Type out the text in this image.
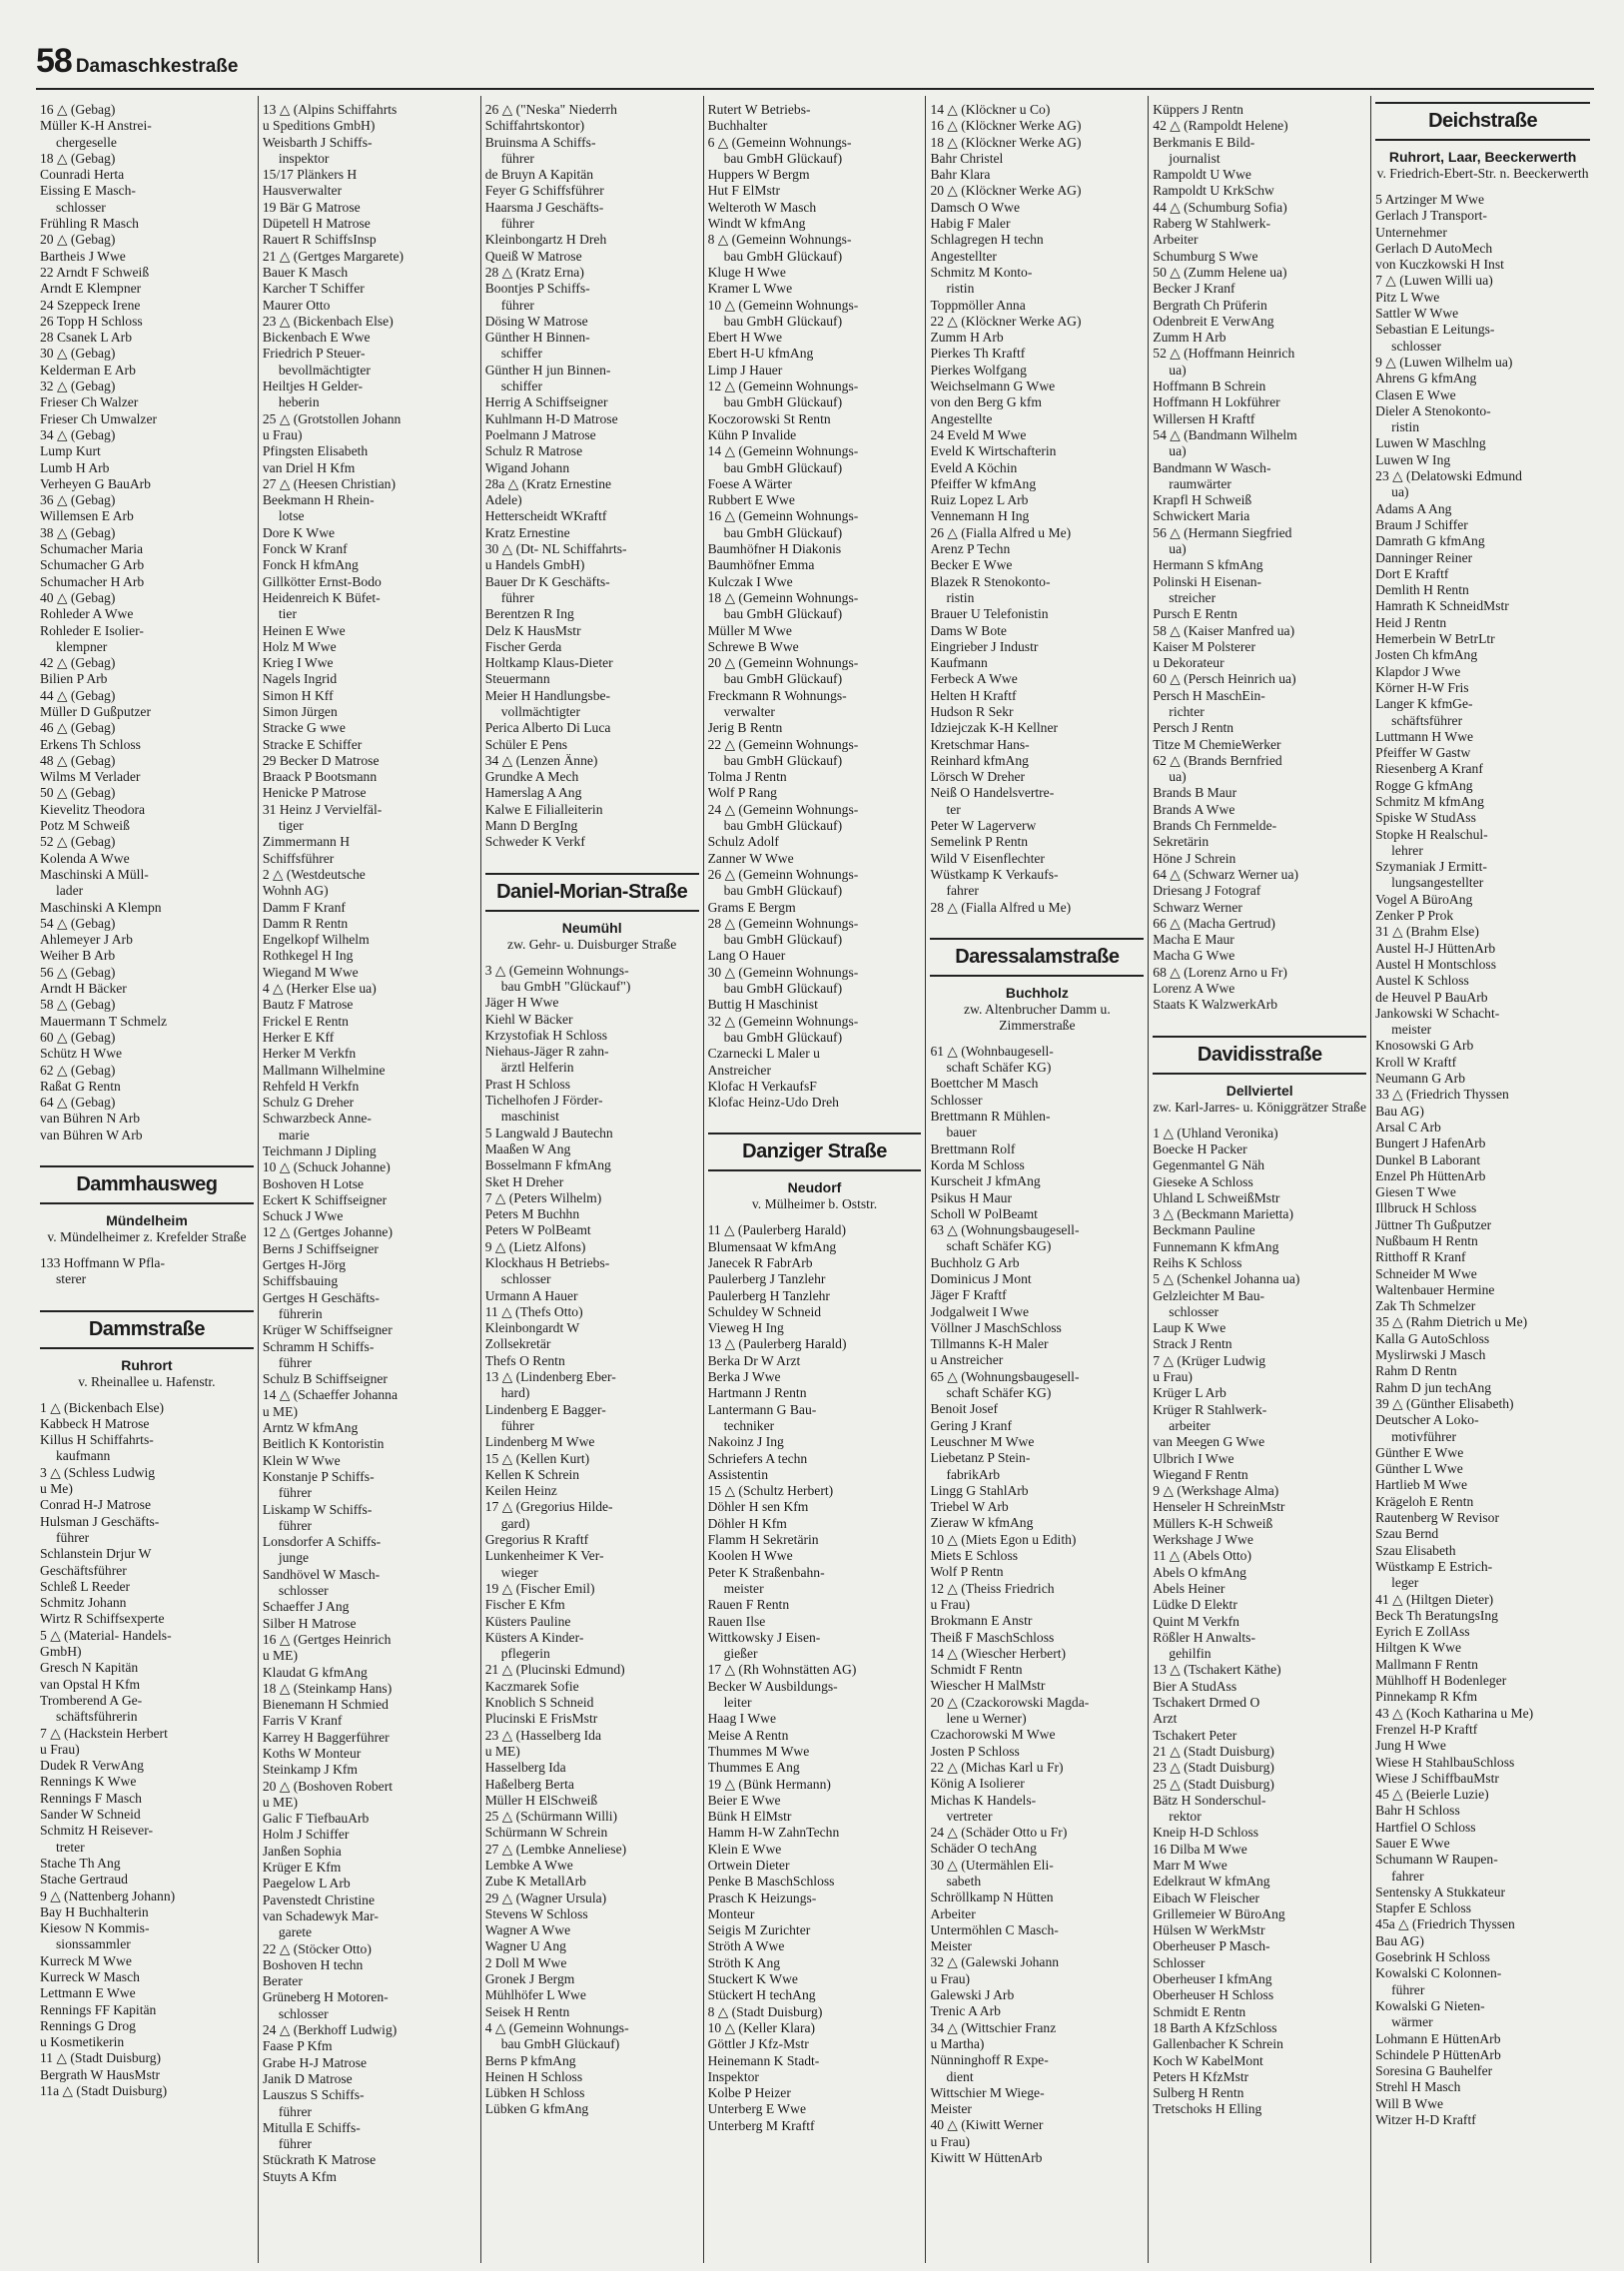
58 Damaschkestraße
16 △ (Gebag)
Müller K-H Anstrei-
chergeselle
18 △ (Gebag)
Counradi Herta
Eissing E Masch-
schlosser
Frühling R Masch
20 △ (Gebag)
Bartheis J Wwe
22 Arndt F Schweiß
Arndt E Klempner
24 Szeppeck Irene
26 Topp H Schloss
28 Csanek L Arb
30 △ (Gebag)
Kelderman E Arb
32 △ (Gebag)
Frieser Ch Walzer
Frieser Ch Umwalzer
34 △ (Gebag)
Lump Kurt
Lumb H Arb
Verheyen G BauArb
36 △ (Gebag)
Willemsen E Arb
38 △ (Gebag)
Schumacher Maria
Schumacher G Arb
Schumacher H Arb
40 △ (Gebag)
Rohleder A Wwe
Rohleder E Isolier-
klempner
42 △ (Gebag)
Bilien P Arb
44 △ (Gebag)
Müller D Gußputzer
46 △ (Gebag)
Erkens Th Schloss
48 △ (Gebag)
Wilms M Verlader
50 △ (Gebag)
Kievelitz Theodora
Potz M Schweiß
52 △ (Gebag)
Kolenda A Wwe
Maschinski A Müll-
lader
Maschinski A Klempn
54 △ (Gebag)
Ahlemeyer J Arb
Weiher B Arb
56 △ (Gebag)
Arndt H Bäcker
58 △ (Gebag)
Mauermann T Schmelz
60 △ (Gebag)
Schütz H Wwe
62 △ (Gebag)
Raßat G Rentn
64 △ (Gebag)
van Bühren N Arb
van Bühren W Arb
Dammhausweg
Mündelheim
v. Mündelheimer z. Krefelder Straße
133 Hoffmann W Pfla-
sterer
Dammstraße
Ruhrort
v. Rheinallee u. Hafenstr.
1 △ (Bickenbach Else)
Kabbeck H Matrose
Killus H Schiffahrts-
kaufmann
3 △ (Schless Ludwig
u Me)
Conrad H-J Matrose
Hulsman J Geschäfts-
führer
Schlanstein Drjur W
Geschäftsführer
Schleß L Reeder
Schmitz Johann
Wirtz R Schiffsexperte
5 △ (Material- Handels-
GmbH)
Gresch N Kapitän
van Opstal H Kfm
Tromberend A Ge-
schäftsführerin
7 △ (Hackstein Herbert
u Frau)
Dudek R VerwAng
Rennings K Wwe
Rennings F Masch
Sander W Schneid
Schmitz H Reisever-
treter
Stache Th Ang
Stache Gertraud
9 △ (Nattenberg Johann)
Bay H Buchhalterin
Kiesow N Kommis-
sionssammler
Kurreck M Wwe
Kurreck W Masch
Lettmann E Wwe
Rennings FF Kapitän
Rennings G Drog
u Kosmetikerin
11 △ (Stadt Duisburg)
Bergrath W HausMstr
11a △ (Stadt Duisburg)
13 △ (Alpins Schiffahrts
u Speditions GmbH)
Weisbarth J Schiffs-
inspektor
15/17 Plänkers H
Hausverwalter
19 Bär G Matrose
Düpetell H Matrose
Rauert R SchiffsInsp
21 △ (Gertges Margarete)
Bauer K Masch
Karcher T Schiffer
Maurer Otto
23 △ (Bickenbach Else)
Bickenbach E Wwe
Friedrich P Steuer-
bevollmächtigter
Heiltjes H Gelder-
heberin
25 △ (Grotstollen Johann
u Frau)
Pfingsten Elisabeth
van Driel H Kfm
27 △ (Heesen Christian)
Beekmann H Rhein-
lotse
Dore K Wwe
Fonck W Kranf
Fonck H kfmAng
Gillkötter Ernst-Bodo
Heidenreich K Büfet-
tier
Heinen E Wwe
Holz M Wwe
Krieg I Wwe
Nagels Ingrid
Simon H Kff
Simon Jürgen
Stracke G wwe
Stracke E Schiffer
29 Becker D Matrose
Braack P Bootsmann
Henicke P Matrose
31 Heinz J Vervielfäl-
tiger
Zimmermann H
Schiffsführer
2 △ (Westdeutsche
Wohnh AG)
Damm F Kranf
Damm R Rentn
Engelkopf Wilhelm
Rothkegel H Ing
Wiegand M Wwe
4 △ (Herker Else ua)
Bautz F Matrose
Frickel E Rentn
Herker E Kff
Herker M Verkfn
Mallmann Wilhelmine
Rehfeld H Verkfn
Schulz G Dreher
Schwarzbeck Anne-
marie
Teichmann J Dipling
10 △ (Schuck Johanne)
Boshoven H Lotse
Eckert K Schiffseigner
Schuck J Wwe
12 △ (Gertges Johanne)
Berns J Schiffseigner
Gertges H-Jörg
Schiffsbauing
Gertges H Geschäfts-
führerin
Krüger W Schiffseigner
Schramm H Schiffs-
führer
Schulz B Schiffseigner
14 △ (Schaeffer Johanna
u ME)
Arntz W kfmAng
Beitlich K Kontoristin
Klein W Wwe
Konstanje P Schiffs-
führer
Liskamp W Schiffs-
führer
Lonsdorfer A Schiffs-
junge
Sandhövel W Masch-
schlosser
Schaeffer J Ang
Silber H Matrose
16 △ (Gertges Heinrich
u ME)
Klaudat G kfmAng
18 △ (Steinkamp Hans)
Bienemann H Schmied
Farris V Kranf
Karrey H Baggerführer
Koths W Monteur
Steinkamp J Kfm
20 △ (Boshoven Robert
u ME)
Galic F TiefbauArb
Holm J Schiffer
Janßen Sophia
Krüger E Kfm
Paegelow L Arb
Pavenstedt Christine
van Schadewyk Mar-
garete
22 △ (Stöcker Otto)
Boshoven H techn
Berater
Grüneberg H Motoren-
schlosser
24 △ (Berkhoff Ludwig)
Faase P Kfm
Grabe H-J Matrose
Janik D Matrose
Lauszus S Schiffs-
führer
Mitulla E Schiffs-
führer
Stückrath K Matrose
Stuyts A Kfm
26 △ ("Neska" Niederrh
Schiffahrtskontor)
Bruinsma A Schiffs-
führer
de Bruyn A Kapitän
Feyer G Schiffsführer
Haarsma J Geschäfts-
führer
Kleinbongartz H Dreh
Queiß W Matrose
28 △ (Kratz Erna)
Boontjes P Schiffs-
führer
Dösing W Matrose
Günther H Binnen-
schiffer
Günther H jun Binnen-
schiffer
Herrig A Schiffseigner
Kuhlmann H-D Matrose
Poelmann J Matrose
Schulz R Matrose
Wigand Johann
28a △ (Kratz Ernestine
Adele)
Hetterscheidt WKraftf
Kratz Ernestine
30 △ (Dt- NL Schiffahrts-
u Handels GmbH)
Bauer Dr K Geschäfts-
führer
Berentzen R Ing
Delz K HausMstr
Fischer Gerda
Holtkamp Klaus-Dieter
Steuermann
Meier H Handlungsbe-
vollmächtigter
Perica Alberto Di Luca
Schüler E Pens
34 △ (Lenzen Änne)
Grundke A Mech
Hamerslag A Ang
Kalwe E Filialleiterin
Mann D BergIng
Schweder K Verkf
Daniel-Morian-Straße
Neumühl
zw. Gehr- u. Duisburger Straße
3 △ (Gemeinn Wohnungs-
bau GmbH "Glückauf")
Jäger H Wwe
Kiehl W Bäcker
Krzystofiak H Schloss
Niehaus-Jäger R zahn-
ärztl Helferin
Prast H Schloss
Tichelhofen J Förder-
maschinist
5 Langwald J Bautechn
Maaßen W Ang
Bosselmann F kfmAng
Sket H Dreher
7 △ (Peters Wilhelm)
Peters M Buchhn
Peters W PolBeamt
9 △ (Lietz Alfons)
Klockhaus H Betriebs-
schlosser
Urmann A Hauer
11 △ (Thefs Otto)
Kleinbongardt W
Zollsekretär
Thefs O Rentn
13 △ (Lindenberg Eber-
hard)
Lindenberg E Bagger-
führer
Lindenberg M Wwe
15 △ (Kellen Kurt)
Kellen K Schrein
Keilen Heinz
17 △ (Gregorius Hilde-
gard)
Gregorius R Kraftf
Lunkenheimer K Ver-
wieger
19 △ (Fischer Emil)
Fischer E Kfm
Küsters Pauline
Küsters A Kinder-
pflegerin
21 △ (Plucinski Edmund)
Kaczmarek Sofie
Knoblich S Schneid
Plucinski E FrisMstr
23 △ (Hasselberg Ida
u ME)
Hasselberg Ida
Haßelberg Berta
Müller H ElSchweiß
25 △ (Schürmann Willi)
Schürmann W Schrein
27 △ (Lembke Anneliese)
Lembke A Wwe
Zube K MetallArb
29 △ (Wagner Ursula)
Stevens W Schloss
Wagner A Wwe
Wagner U Ang
2 Doll M Wwe
Gronek J Bergm
Mühlhöfer L Wwe
Seisek H Rentn
4 △ (Gemeinn Wohnungs-
bau GmbH Glückauf)
Berns P kfmAng
Heinen H Schloss
Lübken H Schloss
Lübken G kfmAng
Rutert W Betriebs-
Buchhalter
6 △ (Gemeinn Wohnungs-
bau GmbH Glückauf)
Huppers W Bergm
Hut F ElMstr
Welteroth W Masch
Windt W kfmAng
8 △ (Gemeinn Wohnungs-
bau GmbH Glückauf)
Kluge H Wwe
Kramer L Wwe
10 △ (Gemeinn Wohnungs-
bau GmbH Glückauf)
Ebert H Wwe
Ebert H-U kfmAng
Limp J Hauer
12 △ (Gemeinn Wohnungs-
bau GmbH Glückauf)
Koczorowski St Rentn
Kühn P Invalide
14 △ (Gemeinn Wohnungs-
bau GmbH Glückauf)
Foese A Wärter
Rubbert E Wwe
16 △ (Gemeinn Wohnungs-
bau GmbH Glückauf)
Baumhöfner H Diakonis
Baumhöfner Emma
Kulczak I Wwe
18 △ (Gemeinn Wohnungs-
bau GmbH Glückauf)
Müller M Wwe
Schrewe B Wwe
20 △ (Gemeinn Wohnungs-
bau GmbH Glückauf)
Freckmann R Wohnungs-
verwalter
Jerig B Rentn
22 △ (Gemeinn Wohnungs-
bau GmbH Glückauf)
Tolma J Rentn
Wolf P Rang
24 △ (Gemeinn Wohnungs-
bau GmbH Glückauf)
Schulz Adolf
Zanner W Wwe
26 △ (Gemeinn Wohnungs-
bau GmbH Glückauf)
Grams E Bergm
28 △ (Gemeinn Wohnungs-
bau GmbH Glückauf)
Lang O Hauer
30 △ (Gemeinn Wohnungs-
bau GmbH Glückauf)
Buttig H Maschinist
32 △ (Gemeinn Wohnungs-
bau GmbH Glückauf)
Czarnecki L Maler u
Anstreicher
Klofac H VerkaufsF
Klofac Heinz-Udo Dreh
Danziger Straße
Neudorf
v. Mülheimer b. Oststr.
11 △ (Paulerberg Harald)
Blumensaat W kfmAng
Janecek R FabrArb
Paulerberg J Tanzlehr
Paulerberg H Tanzlehr
Schuldey W Schneid
Vieweg H Ing
13 △ (Paulerberg Harald)
Berka Dr W Arzt
Berka J Wwe
Hartmann J Rentn
Lantermann G Bau-
techniker
Nakoinz J Ing
Schriefers A techn
Assistentin
15 △ (Schultz Herbert)
Döhler H sen Kfm
Döhler H Kfm
Flamm H Sekretärin
Koolen H Wwe
Peter K Straßenbahn-
meister
Rauen F Rentn
Rauen Ilse
Wittkowsky J Eisen-
gießer
17 △ (Rh Wohnstätten AG)
Becker W Ausbildungs-
leiter
Haag I Wwe
Meise A Rentn
Thummes M Wwe
Thummes E Ang
19 △ (Bünk Hermann)
Beier E Wwe
Bünk H ElMstr
Hamm H-W ZahnTechn
Klein E Wwe
Ortwein Dieter
Penke B MaschSchloss
Prasch K Heizungs-
Monteur
Seigis M Zurichter
Ströth A Wwe
Ströth K Ang
Stuckert K Wwe
Stückert H techAng
8 △ (Stadt Duisburg)
10 △ (Keller Klara)
Göttler J Kfz-Mstr
Heinemann K Stadt-
Inspektor
Kolbe P Heizer
Unterberg E Wwe
Unterberg M Kraftf
14 △ (Klöckner u Co)
16 △ (Klöckner Werke AG)
18 △ (Klöckner Werke AG)
Bahr Christel
Bahr Klara
20 △ (Klöckner Werke AG)
Damsch O Wwe
Habig F Maler
Schlagregen H techn
Angestellter
Schmitz M Konto-
ristin
Toppmöller Anna
22 △ (Klöckner Werke AG)
Zumm H Arb
Pierkes Th Kraftf
Pierkes Wolfgang
Weichselmann G Wwe
von den Berg G kfm
Angestellte
24 Eveld M Wwe
Eveld K Wirtschafterin
Eveld A Köchin
Pfeiffer W kfmAng
Ruiz Lopez L Arb
Vennemann H Ing
26 △ (Fialla Alfred u Me)
Arenz P Techn
Becker E Wwe
Blazek R Stenokonto-
ristin
Brauer U Telefonistin
Dams W Bote
Eingrieber J Industr
Kaufmann
Ferbeck A Wwe
Helten H Kraftf
Hudson R Sekr
Idziejczak K-H Kellner
Kretschmar Hans-
Reinhard kfmAng
Lörsch W Dreher
Neiß O Handelsvertre-
ter
Peter W Lagerverw
Semelink P Rentn
Wild V Eisenflechter
Wüstkamp K Verkaufs-
fahrer
28 △ (Fialla Alfred u Me)
Daressalamstraße
Buchholz
zw. Altenbrucher Damm u. Zimmerstraße
61 △ (Wohnbaugesell-
schaft Schäfer KG)
Boettcher M Masch
Schlosser
Brettmann R Mühlen-
bauer
Brettmann Rolf
Korda M Schloss
Kurscheit J kfmAng
Psikus H Maur
Scholl W PolBeamt
63 △ (Wohnungsbaugesell-
schaft Schäfer KG)
Buchholz G Arb
Dominicus J Mont
Jäger F Kraftf
Jodgalweit I Wwe
Völlner J MaschSchloss
Tillmanns K-H Maler
u Anstreicher
65 △ (Wohnungsbaugesell-
schaft Schäfer KG)
Benoit Josef
Gering J Kranf
Leuschner M Wwe
Liebetanz P Stein-
fabrikArb
Lingg G StahlArb
Triebel W Arb
Zieraw W kfmAng
10 △ (Miets Egon u Edith)
Miets E Schloss
Wolf P Rentn
12 △ (Theiss Friedrich
u Frau)
Brokmann E Anstr
Theiß F MaschSchloss
14 △ (Wiescher Herbert)
Schmidt F Rentn
Wiescher H MalMstr
20 △ (Czackorowski Magda-
lene u Werner)
Czachorowski M Wwe
Josten P Schloss
22 △ (Michas Karl u Fr)
König A Isolierer
Michas K Handels-
vertreter
24 △ (Schäder Otto u Fr)
Schäder O techAng
30 △ (Utermählen Eli-
sabeth
Schröllkamp N Hütten
Arbeiter
Untermöhlen C Masch-
Meister
32 △ (Galewski Johann
u Frau)
Galewski J Arb
Trenic A Arb
34 △ (Wittschier Franz
u Martha)
Nünninghoff R Expe-
dient
Wittschier M Wiege-
Meister
40 △ (Kiwitt Werner
u Frau)
Kiwitt W HüttenArb
Küppers J Rentn
42 △ (Rampoldt Helene)
Berkmanis E Bild-
journalist
Rampoldt U Wwe
Rampoldt U KrkSchw
44 △ (Schumburg Sofia)
Raberg W Stahlwerk-
Arbeiter
Schumburg S Wwe
50 △ (Zumm Helene ua)
Becker J Kranf
Bergrath Ch Prüferin
Odenbreit E VerwAng
Zumm H Arb
52 △ (Hoffmann Heinrich
ua)
Hoffmann B Schrein
Hoffmann H Lokführer
Willersen H Kraftf
54 △ (Bandmann Wilhelm
ua)
Bandmann W Wasch-
raumwärter
Krapfl H Schweiß
Schwickert Maria
56 △ (Hermann Siegfried
ua)
Hermann S kfmAng
Polinski H Eisenan-
streicher
Pursch E Rentn
58 △ (Kaiser Manfred ua)
Kaiser M Polsterer
u Dekorateur
60 △ (Persch Heinrich ua)
Persch H MaschEin-
richter
Persch J Rentn
Titze M ChemieWerker
62 △ (Brands Bernfried
ua)
Brands B Maur
Brands A Wwe
Brands Ch Fernmelde-
Sekretärin
Höne J Schrein
64 △ (Schwarz Werner ua)
Driesang J Fotograf
Schwarz Werner
66 △ (Macha Gertrud)
Macha E Maur
Macha G Wwe
68 △ (Lorenz Arno u Fr)
Lorenz A Wwe
Staats K WalzwerkArb
Davidisstraße
Dellviertel
zw. Karl-Jarres- u. Königgrätzer Straße
1 △ (Uhland Veronika)
Boecke H Packer
Gegenmantel G Näh
Gieseke A Schloss
Uhland L SchweißMstr
3 △ (Beckmann Marietta)
Beckmann Pauline
Funnemann K kfmAng
Reihs K Schloss
5 △ (Schenkel Johanna ua)
Gelzleichter M Bau-
schlosser
Laup K Wwe
Strack J Rentn
7 △ (Krüger Ludwig
u Frau)
Krüger L Arb
Krüger R Stahlwerk-
arbeiter
van Meegen G Wwe
Ulbrich I Wwe
Wiegand F Rentn
9 △ (Werkshage Alma)
Henseler H SchreinMstr
Müllers K-H Schweiß
Werkshage J Wwe
11 △ (Abels Otto)
Abels O kfmAng
Abels Heiner
Lüdke D Elektr
Quint M Verkfn
Rößler H Anwalts-
gehilfin
13 △ (Tschakert Käthe)
Bier A StudAss
Tschakert Drmed O
Arzt
Tschakert Peter
21 △ (Stadt Duisburg)
23 △ (Stadt Duisburg)
25 △ (Stadt Duisburg)
Bätz H Sonderschul-
rektor
Kneip H-D Schloss
16 Dilba M Wwe
Marr M Wwe
Edelkraut W kfmAng
Eibach W Fleischer
Grillemeier W BüroAng
Hülsen W WerkMstr
Oberheuser P Masch-
Schlosser
Oberheuser I kfmAng
Oberheuser H Schloss
Schmidt E Rentn
18 Barth A KfzSchloss
Gallenbacher K Schrein
Koch W KabelMont
Peters H KfzMstr
Sulberg H Rentn
Tretschoks H Elling
Deichstraße
Ruhrort, Laar, Beeckerwerth
v. Friedrich-Ebert-Str. n. Beeckerwerth
5 Artzinger M Wwe
Gerlach J Transport-
Unternehmer
Gerlach D AutoMech
von Kuczkowski H Inst
7 △ (Luwen Willi ua)
Pitz L Wwe
Sattler W Wwe
Sebastian E Leitungs-
schlosser
9 △ (Luwen Wilhelm ua)
Ahrens G kfmAng
Clasen E Wwe
Dieler A Stenokonto-
ristin
Luwen W Maschlng
Luwen W Ing
23 △ (Delatowski Edmund
ua)
Adams A Ang
Braum J Schiffer
Damrath G kfmAng
Danninger Reiner
Dort E Kraftf
Demlith H Rentn
Hamrath K SchneidMstr
Heid J Rentn
Hemerbein W BetrLtr
Josten Ch kfmAng
Klapdor J Wwe
Körner H-W Fris
Langer K kfmGe-
schäftsführer
Luttmann H Wwe
Pfeiffer W Gastw
Riesenberg A Kranf
Rogge G kfmAng
Schmitz M kfmAng
Spiske W StudAss
Stopke H Realschul-
lehrer
Szymaniak J Ermitt-
lungsangestellter
Vogel A BüroAng
Zenker P Prok
31 △ (Brahm Else)
Austel H-J HüttenArb
Austel H Montschloss
Austel K Schloss
de Heuvel P BauArb
Jankowski W Schacht-
meister
Knosowski G Arb
Kroll W Kraftf
Neumann G Arb
33 △ (Friedrich Thyssen
Bau AG)
Arsal C Arb
Bungert J HafenArb
Dunkel B Laborant
Enzel Ph HüttenArb
Giesen T Wwe
Illbruck H Schloss
Jüttner Th Gußputzer
Nußbaum H Rentn
Ritthoff R Kranf
Schneider M Wwe
Waltenbauer Hermine
Zak Th Schmelzer
35 △ (Rahm Dietrich u Me)
Kalla G AutoSchloss
Myslirwski J Masch
Rahm D Rentn
Rahm D jun techAng
39 △ (Günther Elisabeth)
Deutscher A Loko-
motivführer
Günther E Wwe
Günther L Wwe
Hartlieb M Wwe
Krägeloh E Rentn
Rautenberg W Revisor
Szau Bernd
Szau Elisabeth
Wüstkamp E Estrich-
leger
41 △ (Hiltgen Dieter)
Beck Th BeratungsIng
Eyrich E ZollAss
Hiltgen K Wwe
Mallmann F Rentn
Mühlhoff H Bodenleger
Pinnekamp R Kfm
43 △ (Koch Katharina u Me)
Frenzel H-P Kraftf
Jung H Wwe
Wiese H StahlbauSchloss
Wiese J SchiffbauMstr
45 △ (Beierle Luzie)
Bahr H Schloss
Hartfiel O Schloss
Sauer E Wwe
Schumann W Raupen-
fahrer
Sentensky A Stukkateur
Stapfer E Schloss
45a △ (Friedrich Thyssen
Bau AG)
Gosebrink H Schloss
Kowalski C Kolonnen-
führer
Kowalski G Nieten-
wärmer
Lohmann E HüttenArb
Schindele P HüttenArb
Soresina G Bauhelfer
Strehl H Masch
Will B Wwe
Witzer H-D Kraftf
